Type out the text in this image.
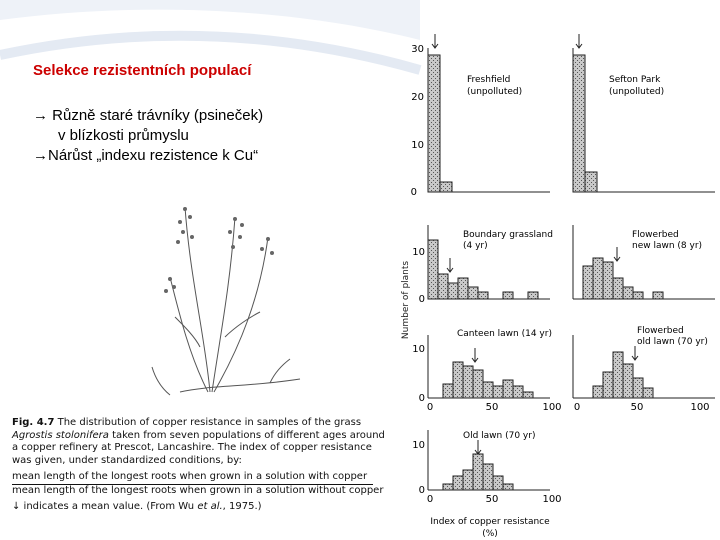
Selekce rezistentních populací
→ Různě staré trávníky (psineček)
v blízkosti průmyslu
→Nárůst „indexu rezistence k Cu“
Fig. 4.7 The distribution of copper resistance in samples of the grass
Agrostis stolonifera taken from seven populations of different ages around
a copper refinery at Prescot, Lancashire. The index of copper resistance
was given, under standardized conditions, by:
mean length of the longest roots when grown in a solution with copper
mean length of the longest roots when grown in a solution without copper
↓ indicates a mean value. (From Wu et al., 1975.)
Number of plants
0
10
20
30
Freshfield
(unpolluted)
Sefton Park
(unpolluted)
0
10
Boundary grassland
(4 yr)
Flowerbed
new lawn (8 yr)
0
10
Canteen lawn (14 yr)
0	50	100
Flowerbed
old lawn (70 yr)
0	50	100
0
10
Old lawn (70 yr)
0	50	100
Index of copper resistance
(%)
